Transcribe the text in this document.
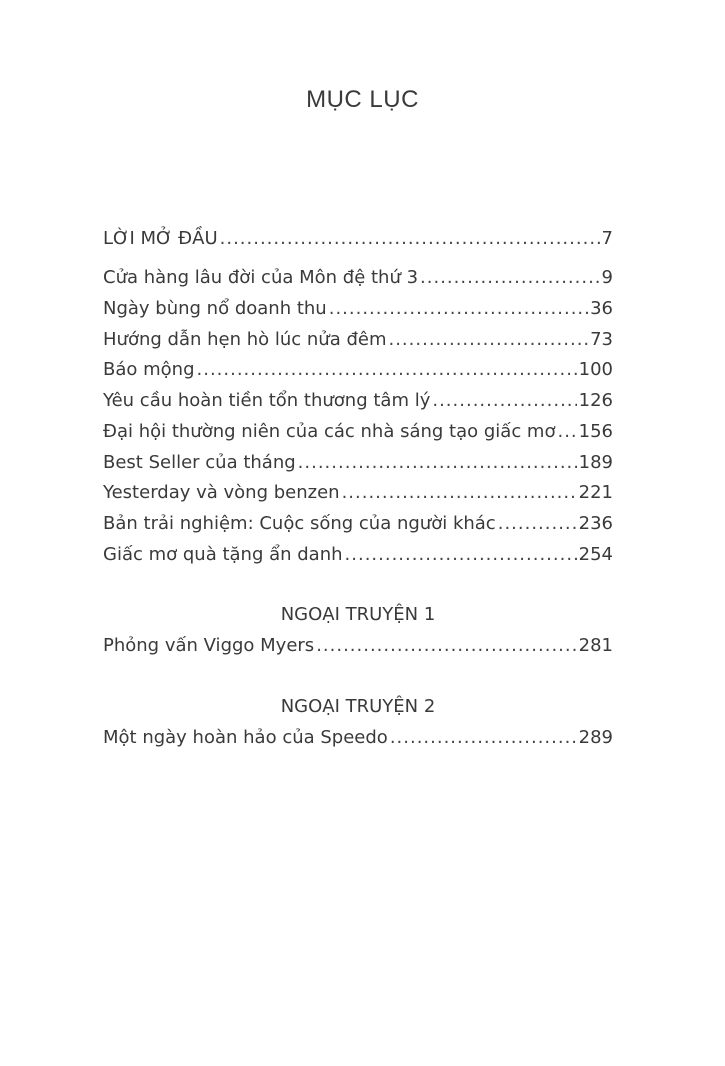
MỤC LỤC
LỜI MỞ ĐẦU .....	7
Cửa hàng lâu đời của Môn đệ thứ 3 .....	9
Ngày bùng nổ doanh thu .....	36
Hướng dẫn hẹn hò lúc nửa đêm .....	73
Báo mộng .....	100
Yêu cầu hoàn tiền tổn thương tâm lý .....	126
Đại hội thường niên của các nhà sáng tạo giấc mơ ..... 156
Best Seller của tháng .....	189
Yesterday và vòng benzen .....	221
Bản trải nghiệm: Cuộc sống của người khác .....	236
Giấc mơ quà tặng ẩn danh .....	254
NGOẠI TRUYỆN 1
Phỏng vấn Viggo Myers .....	281
NGOẠI TRUYỆN 2
Một ngày hoàn hảo của Speedo .....	289
